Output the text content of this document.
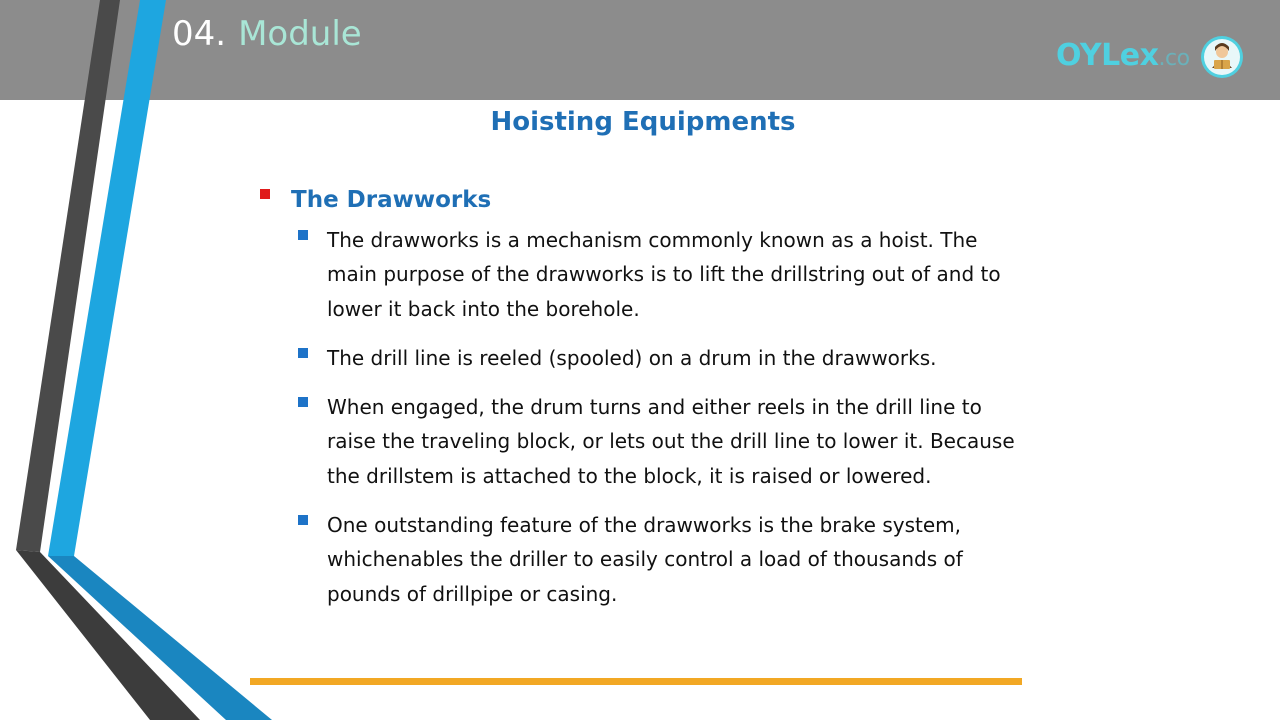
04. Module
OYLex.co
Hoisting Equipments
The Drawworks
The drawworks is a mechanism commonly known as a hoist. The main purpose of the drawworks is to lift the drillstring out of and to lower it back into the borehole.
The drill line is reeled (spooled) on a drum in the drawworks.
When engaged, the drum turns and either reels in the drill line to raise the traveling block, or lets out the drill line to lower it. Because the drillstem is attached to the block, it is raised or lowered.
One outstanding feature of the drawworks is the brake system, whichenables the driller to easily control a load of thousands of pounds of drillpipe or casing.
